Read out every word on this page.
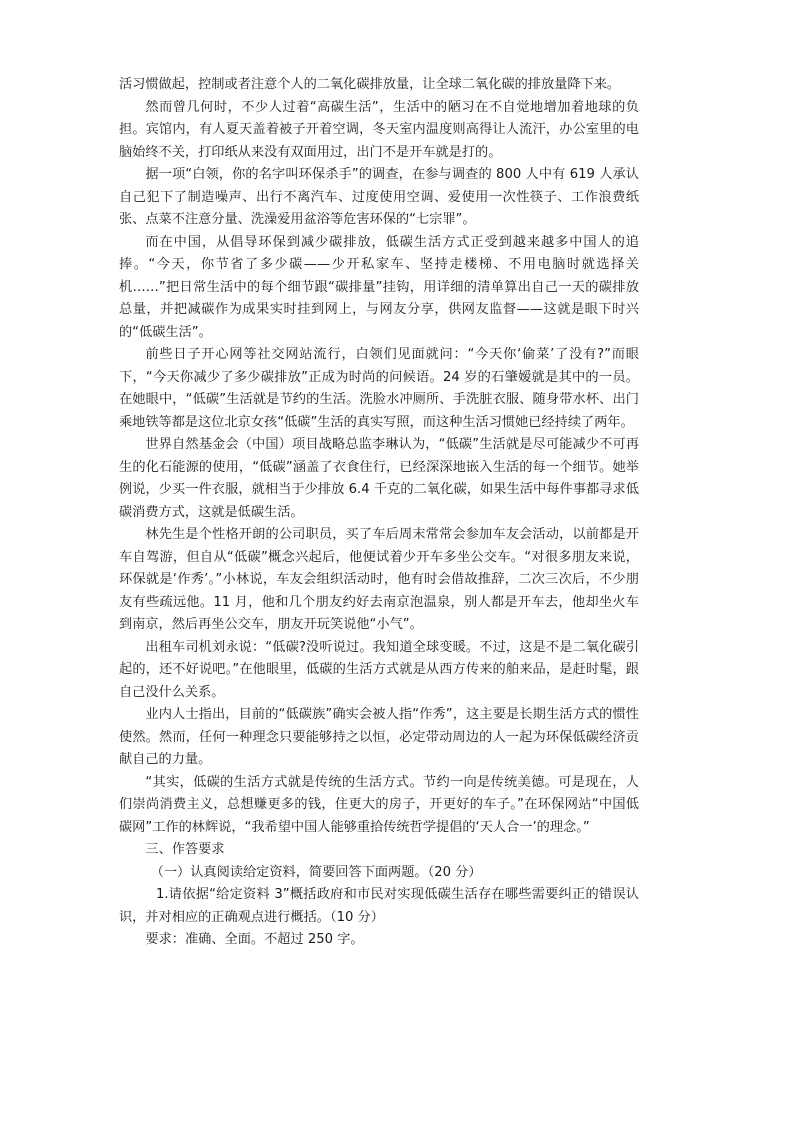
活习惯做起，控制或者注意个人的二氧化碳排放量，让全球二氧化碳的排放量降下来。

然而曾几何时，不少人过着“高碳生活”，生活中的陋习在不自觉地增加着地球的负担。宾馆内，有人夏天盖着被子开着空调，冬天室内温度则高得让人流汗，办公室里的电脑始终不关，打印纸从来没有双面用过，出门不是开车就是打的。

据一项“白领，你的名字叫环保杀手”的调查，在参与调查的 800 人中有 619 人承认自己犯下了制造噪声、出行不离汽车、过度使用空调、爱使用一次性筷子、工作浪费纸张、点菜不注意分量、洗澡爱用盆浴等危害环保的“七宗罪”。

而在中国，从倡导环保到减少碳排放，低碳生活方式正受到越来越多中国人的追捧。“今天，你节省了多少碳——少开私家车、坚持走楼梯、不用电脑时就选择关机……”把日常生活中的每个细节跟“碳排量”挂钩，用详细的清单算出自己一天的碳排放总量，并把减碳作为成果实时挂到网上，与网友分享，供网友监督——这就是眼下时兴的“低碳生活”。

前些日子开心网等社交网站流行，白领们见面就问：“今天你‘偷菜’了没有?”而眼下，“今天你减少了多少碳排放”正成为时尚的问候语。24 岁的石肇嫒就是其中的一员。在她眼中，“低碳”生活就是节约的生活。洗脸水冲厕所、手洗脏衣服、随身带水杯、出门乘地铁等都是这位北京女孩“低碳”生活的真实写照，而这种生活习惯她已经持续了两年。

世界自然基金会（中国）项目战略总监李琳认为，“低碳”生活就是尽可能减少不可再生的化石能源的使用，“低碳”涵盖了衣食住行，已经深深地嵌入生活的每一个细节。她举例说，少买一件衣服，就相当于少排放 6.4 千克的二氧化碳，如果生活中每件事都寻求低碳消费方式，这就是低碳生活。

林先生是个性格开朗的公司职员，买了车后周末常常会参加车友会活动，以前都是开车自驾游，但自从“低碳”概念兴起后，他便试着少开车多坐公交车。“对很多朋友来说，环保就是‘作秀’。”小林说，车友会组织活动时，他有时会借故推辞，二次三次后，不少朋友有些疏远他。11 月，他和几个朋友约好去南京泡温泉，别人都是开车去，他却坐火车到南京，然后再坐公交车，朋友开玩笑说他“小气”。

出租车司机刘永说：“低碳?没听说过。我知道全球变暖。不过，这是不是二氧化碳引起的，还不好说吧。”在他眼里，低碳的生活方式就是从西方传来的舶来品，是赶时髦，跟自己没什么关系。

业内人士指出，目前的“低碳族”确实会被人指“作秀”，这主要是长期生活方式的惯性使然。然而，任何一种理念只要能够持之以恒，必定带动周边的人一起为环保低碳经济贡献自己的力量。

“其实，低碳的生活方式就是传统的生活方式。节约一向是传统美德。可是现在，人们崇尚消费主义，总想赚更多的钱，住更大的房子，开更好的车子。”在环保网站“中国低碳网”工作的林辉说，“我希望中国人能够重拾传统哲学提倡的‘天人合一’的理念。”

三、作答要求

（一）认真阅读给定资料，简要回答下面两题。（20 分）

1.请依据“给定资料 3”概括政府和市民对实现低碳生活存在哪些需要纠正的错误认识，并对相应的正确观点进行概括。（10 分）

要求：准确、全面。不超过 250 字。
